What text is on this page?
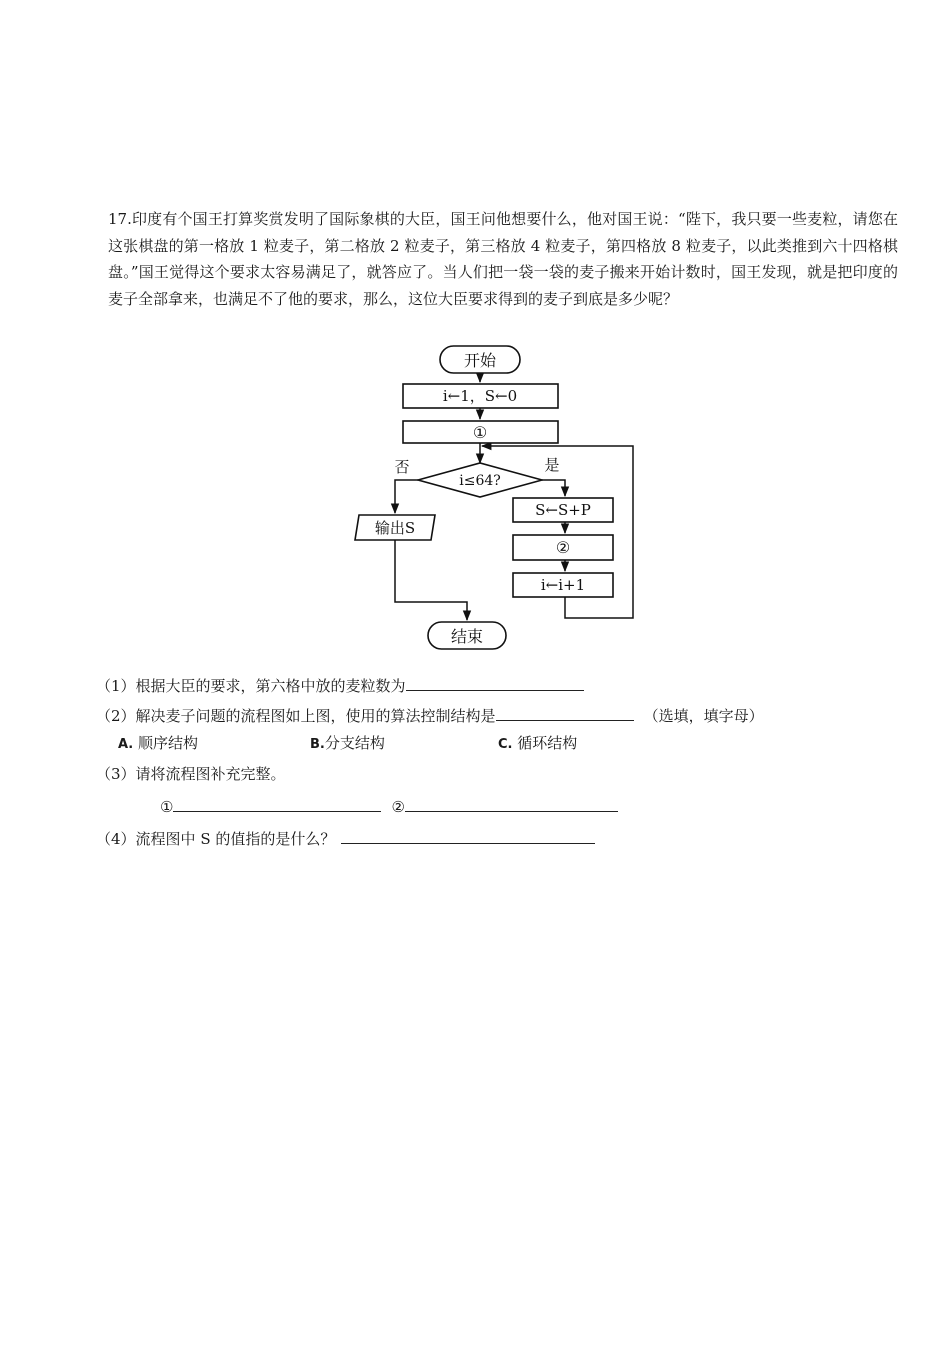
17.印度有个国王打算奖赏发明了国际象棋的大臣，国王问他想要什么，他对国王说：“陛下，我只要一些麦粒，请您在这张棋盘的第一格放 1 粒麦子，第二格放 2 粒麦子，第三格放 4 粒麦子，第四格放 8 粒麦子，以此类推到六十四格棋盘。”国王觉得这个要求太容易满足了，就答应了。当人们把一袋一袋的麦子搬来开始计数时，国王发现，就是把印度的麦子全部拿来，也满足不了他的要求，那么，这位大臣要求得到的麦子到底是多少呢？

开始
i←1，S←0
①
i≤64?
否	是
输出S
S←S+P
②
i←i+1
结束
（1）根据大臣的要求，第六格中放的麦粒数为
（2）解决麦子问题的流程图如上图，使用的算法控制结构是	（选填，填字母）
A. 顺序结构	B.分支结构	C. 循环结构
（3）请将流程图补充完整。
①	②
（4）流程图中 S 的值指的是什么？
